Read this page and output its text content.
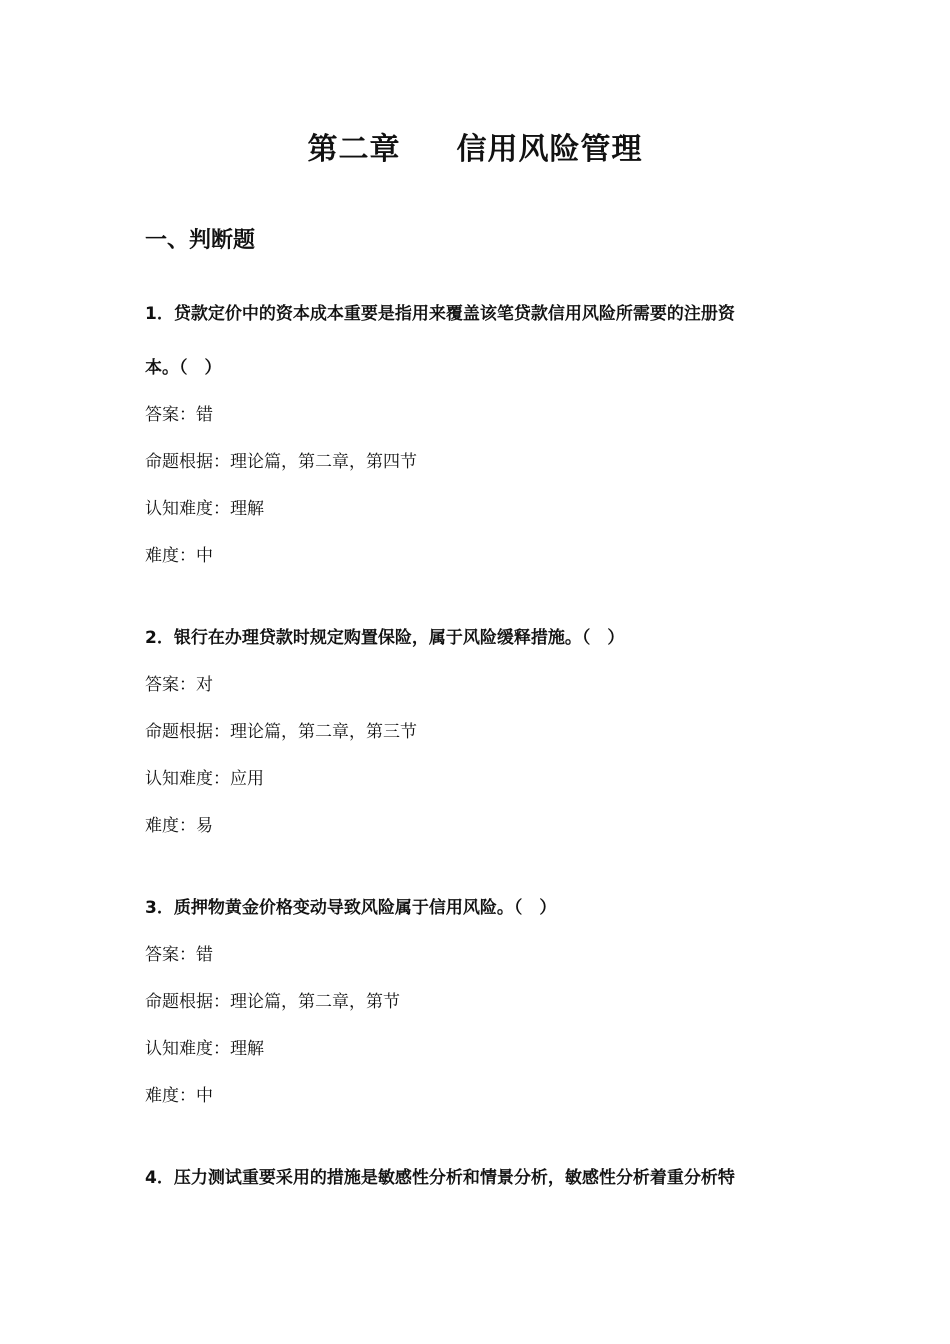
第二章 信用风险管理
一、判断题
1．贷款定价中的资本成本重要是指用来覆盖该笔贷款信用风险所需要的注册资
本。（　）
答案：错
命题根据：理论篇，第二章，第四节
认知难度：理解
难度：中
2．银行在办理贷款时规定购置保险，属于风险缓释措施。（　）
答案：对
命题根据：理论篇，第二章，第三节
认知难度：应用
难度：易
3．质押物黄金价格变动导致风险属于信用风险。（　）
答案：错
命题根据：理论篇，第二章，第节
认知难度：理解
难度：中
4．压力测试重要采用的措施是敏感性分析和情景分析，敏感性分析着重分析特
